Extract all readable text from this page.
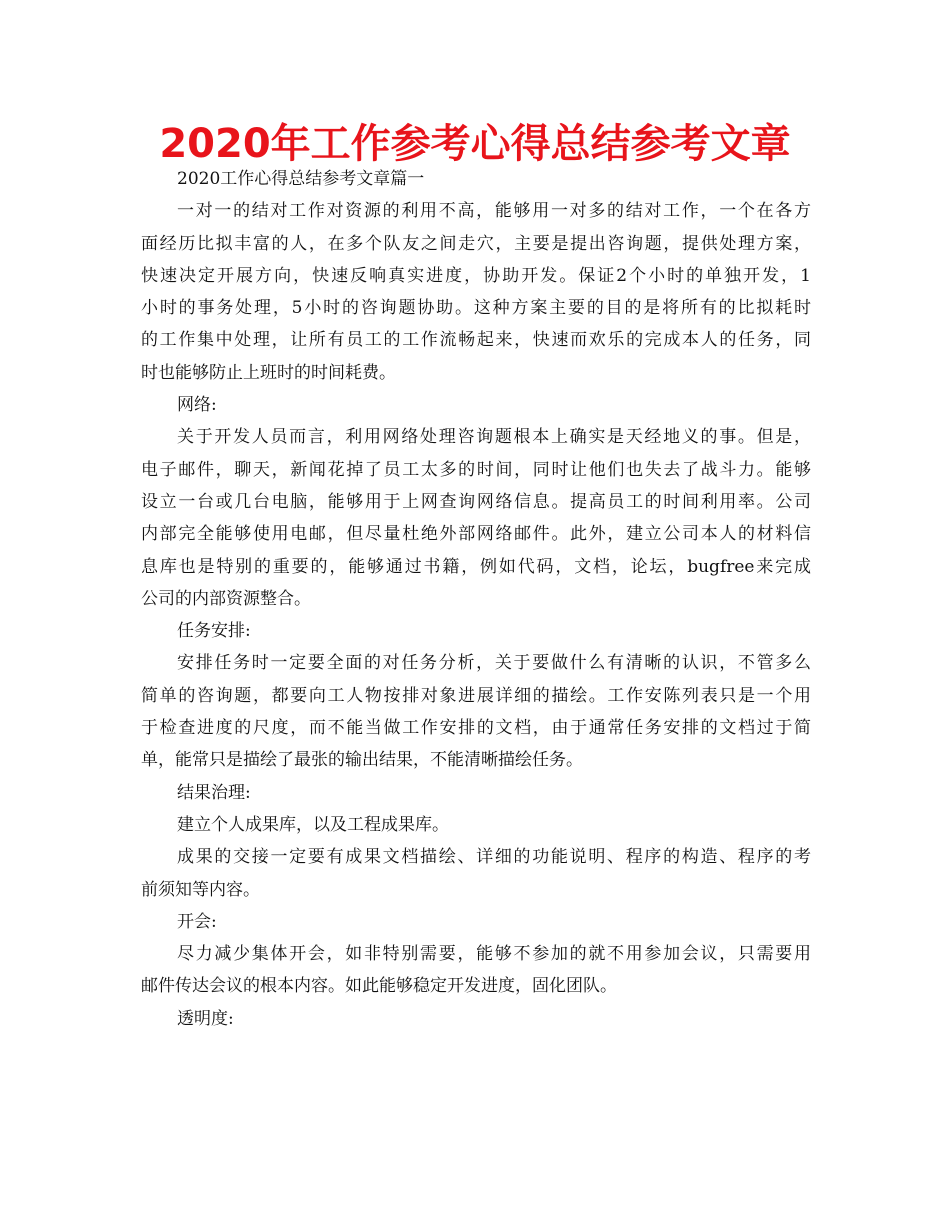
2020年工作参考心得总结参考文章
2020工作心得总结参考文章篇一
一对一的结对工作对资源的利用不高，能够用一对多的结对工作，一个在各方
面经历比拟丰富的人，在多个队友之间走穴，主要是提出咨询题，提供处理方案，
快速决定开展方向，快速反响真实进度，协助开发。保证2个小时的单独开发，1
小时的事务处理，5小时的咨询题协助。这种方案主要的目的是将所有的比拟耗时
的工作集中处理，让所有员工的工作流畅起来，快速而欢乐的完成本人的任务，同
时也能够防止上班时的时间耗费。
网络:
关于开发人员而言，利用网络处理咨询题根本上确实是天经地义的事。但是，
电子邮件，聊天，新闻花掉了员工太多的时间，同时让他们也失去了战斗力。能够
设立一台或几台电脑，能够用于上网查询网络信息。提高员工的时间利用率。公司
内部完全能够使用电邮，但尽量杜绝外部网络邮件。此外，建立公司本人的材料信
息库也是特别的重要的，能够通过书籍，例如代码，文档，论坛，bugfree来完成
公司的内部资源整合。
任务安排:
安排任务时一定要全面的对任务分析，关于要做什么有清晰的认识，不管多么
简单的咨询题，都要向工人物按排对象进展详细的描绘。工作安陈列表只是一个用
于检查进度的尺度，而不能当做工作安排的文档，由于通常任务安排的文档过于简
单，能常只是描绘了最张的输出结果，不能清晰描绘任务。
结果治理:
建立个人成果库，以及工程成果库。
成果的交接一定要有成果文档描绘、详细的功能说明、程序的构造、程序的考
前须知等内容。
开会:
尽力减少集体开会，如非特别需要，能够不参加的就不用参加会议，只需要用
邮件传达会议的根本内容。如此能够稳定开发进度，固化团队。
透明度:
